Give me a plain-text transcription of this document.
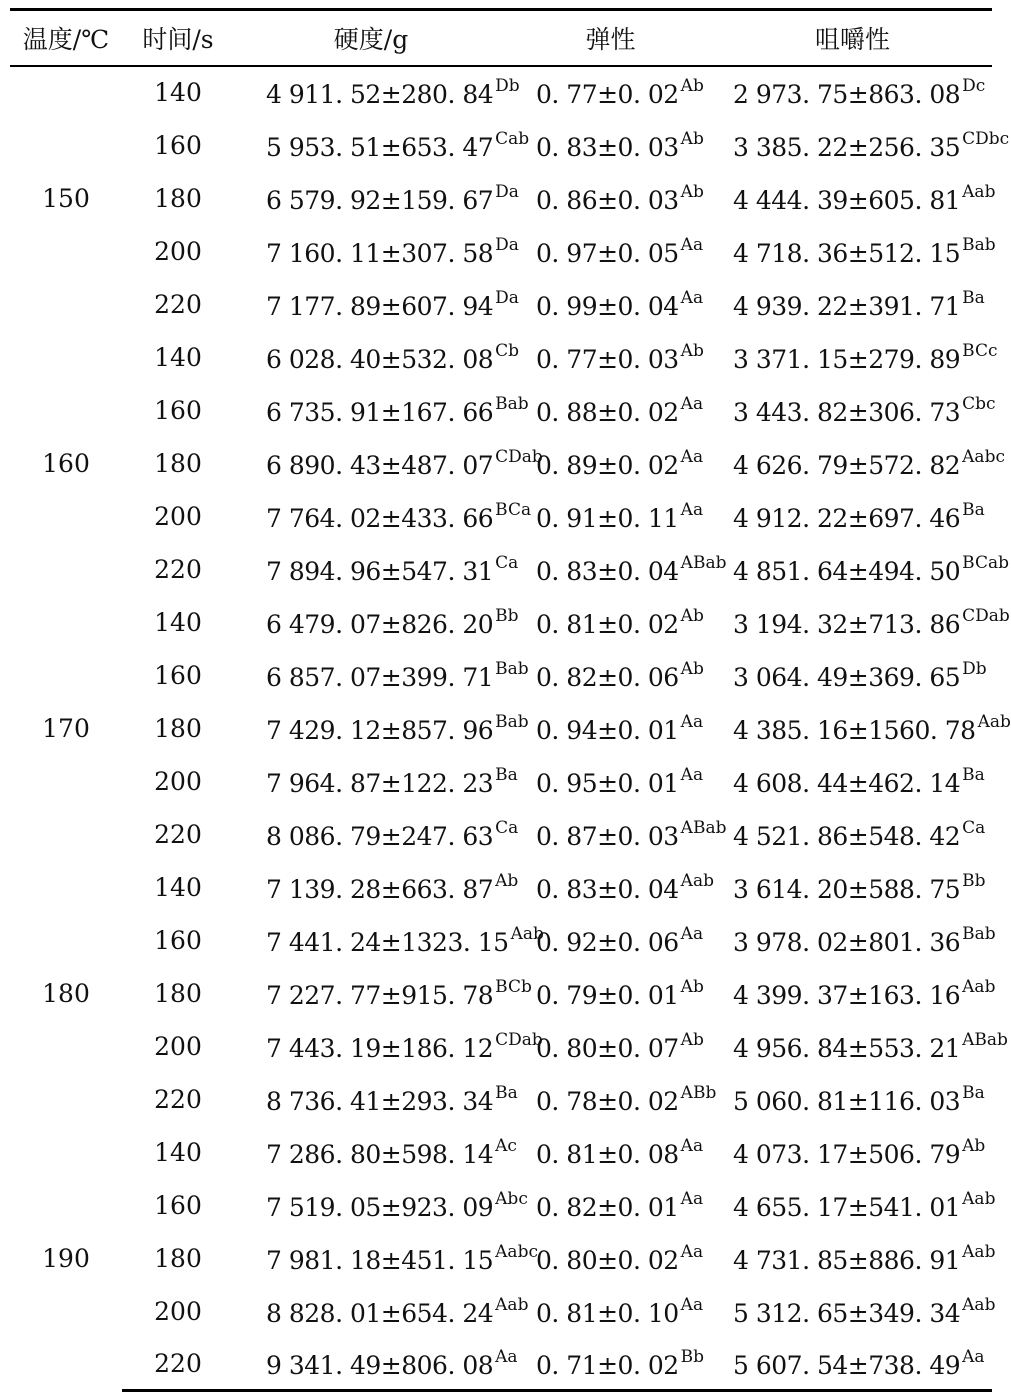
温度/℃	时间/s	硬度/g	弹性	咀嚼性
150	140	4 911. 52±280. 84 $^{Db}$	0. 77±0. 02 $^{Ab}$	2 973. 75±863. 08 $^{Dc}$
	160	5 953. 51±653. 47 $^{Cab}$	0. 83±0. 03 $^{Ab}$	3 385. 22±256. 35 $^{CDbc}$
	180	6 579. 92±159. 67 $^{Da}$	0. 86±0. 03 $^{Ab}$	4 444. 39±605. 81 $^{Aab}$
	200	7 160. 11±307. 58 $^{Da}$	0. 97±0. 05 $^{Aa}$	4 718. 36±512. 15 $^{Bab}$
	220	7 177. 89±607. 94 $^{Da}$	0. 99±0. 04 $^{Aa}$	4 939. 22±391. 71 $^{Ba}$
160	140	6 028. 40±532. 08 $^{Cb}$	0. 77±0. 03 $^{Ab}$	3 371. 15±279. 89 $^{BCc}$
	160	6 735. 91±167. 66 $^{Bab}$	0. 88±0. 02 $^{Aa}$	3 443. 82±306. 73 $^{Cbc}$
	180	6 890. 43±487. 07 $^{CDab}$	0. 89±0. 02 $^{Aa}$	4 626. 79±572. 82 $^{Aabc}$
	200	7 764. 02±433. 66 $^{BCa}$	0. 91±0. 11 $^{Aa}$	4 912. 22±697. 46 $^{Ba}$
	220	7 894. 96±547. 31 $^{Ca}$	0. 83±0. 04 $^{ABab}$	4 851. 64±494. 50 $^{BCab}$
170	140	6 479. 07±826. 20 $^{Bb}$	0. 81±0. 02 $^{Ab}$	3 194. 32±713. 86 $^{CDab}$
	160	6 857. 07±399. 71 $^{Bab}$	0. 82±0. 06 $^{Ab}$	3 064. 49±369. 65 $^{Db}$
	180	7 429. 12±857. 96 $^{Bab}$	0. 94±0. 01 $^{Aa}$	4 385. 16±1560. 78 $^{Aab}$
	200	7 964. 87±122. 23 $^{Ba}$	0. 95±0. 01 $^{Aa}$	4 608. 44±462. 14 $^{Ba}$
	220	8 086. 79±247. 63 $^{Ca}$	0. 87±0. 03 $^{ABab}$	4 521. 86±548. 42 $^{Ca}$
180	140	7 139. 28±663. 87 $^{Ab}$	0. 83±0. 04 $^{Aab}$	3 614. 20±588. 75 $^{Bb}$
	160	7 441. 24±1323. 15 $^{Aab}$	0. 92±0. 06 $^{Aa}$	3 978. 02±801. 36 $^{Bab}$
	180	7 227. 77±915. 78 $^{BCb}$	0. 79±0. 01 $^{Ab}$	4 399. 37±163. 16 $^{Aab}$
	200	7 443. 19±186. 12 $^{CDab}$	0. 80±0. 07 $^{Ab}$	4 956. 84±553. 21 $^{ABab}$
	220	8 736. 41±293. 34 $^{Ba}$	0. 78±0. 02 $^{ABb}$	5 060. 81±116. 03 $^{Ba}$
190	140	7 286. 80±598. 14 $^{Ac}$	0. 81±0. 08 $^{Aa}$	4 073. 17±506. 79 $^{Ab}$
	160	7 519. 05±923. 09 $^{Abc}$	0. 82±0. 01 $^{Aa}$	4 655. 17±541. 01 $^{Aab}$
	180	7 981. 18±451. 15 $^{Aabc}$	0. 80±0. 02 $^{Aa}$	4 731. 85±886. 91 $^{Aab}$
	200	8 828. 01±654. 24 $^{Aab}$	0. 81±0. 10 $^{Aa}$	5 312. 65±349. 34 $^{Aab}$
	220	9 341. 49±806. 08 $^{Aa}$	0. 71±0. 02 $^{Bb}$	5 607. 54±738. 49 $^{Aa}$
